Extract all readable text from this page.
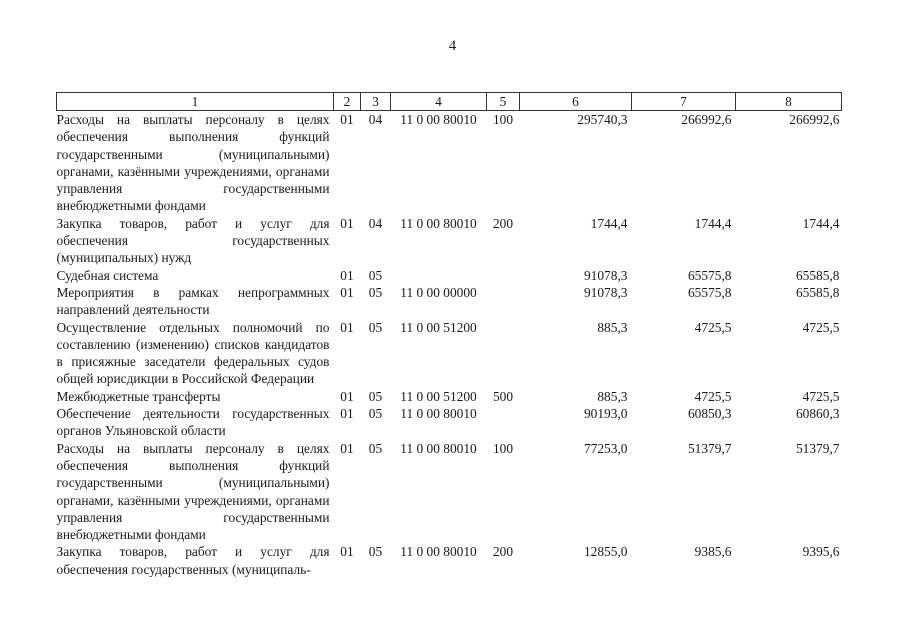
4
1	2	3	4	5	6	7	8
Расходы на выплаты персоналу в целях обеспечения выполнения функций государственными (муниципальными) органами, казёнными учреждениями, органами управления государственными внебюджетными фондами	01	04	11 0 00 80010	100	295740,3	266992,6	266992,6
Закупка товаров, работ и услуг для обеспечения государственных (муниципальных) нужд	01	04	11 0 00 80010	200	1744,4	1744,4	1744,4
Судебная система	01	05			91078,3	65575,8	65585,8
Мероприятия в рамках непрограммных направлений деятельности	01	05	11 0 00 00000		91078,3	65575,8	65585,8
Осуществление отдельных полномочий по составлению (изменению) списков кандидатов в присяжные заседатели федеральных судов общей юрисдикции в Российской Федерации	01	05	11 0 00 51200		885,3	4725,5	4725,5
Межбюджетные трансферты	01	05	11 0 00 51200	500	885,3	4725,5	4725,5
Обеспечение деятельности государственных органов Ульяновской области	01	05	11 0 00 80010		90193,0	60850,3	60860,3
Расходы на выплаты персоналу в целях обеспечения выполнения функций государственными (муниципальными) органами, казёнными учреждениями, органами управления государственными внебюджетными фондами	01	05	11 0 00 80010	100	77253,0	51379,7	51379,7
Закупка товаров, работ и услуг для обеспечения государственных (муниципаль-	01	05	11 0 00 80010	200	12855,0	9385,6	9395,6
